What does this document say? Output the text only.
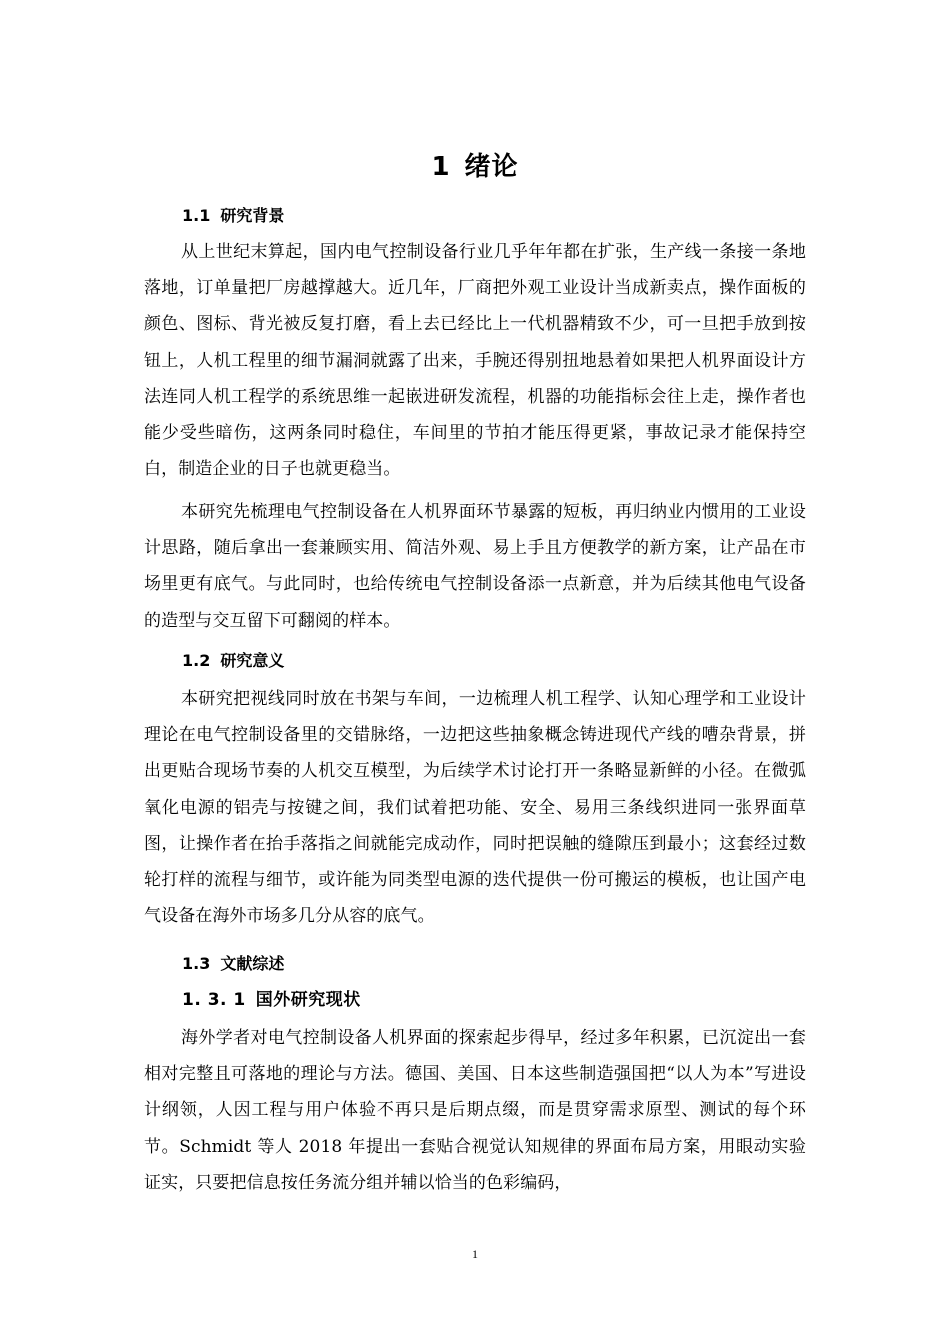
1 绪论
1.1 研究背景

从上世纪末算起，国内电气控制设备行业几乎年年都在扩张，生产线一条接一条地落地，订单量把厂房越撑越大。近几年，厂商把外观工业设计当成新卖点，操作面板的颜色、图标、背光被反复打磨，看上去已经比上一代机器精致不少，可一旦把手放到按钮上，人机工程里的细节漏洞就露了出来，手腕还得别扭地悬着如果把人机界面设计方法连同人机工程学的系统思维一起嵌进研发流程，机器的功能指标会往上走，操作者也能少受些暗伤，这两条同时稳住，车间里的节拍才能压得更紧，事故记录才能保持空白，制造企业的日子也就更稳当。

本研究先梳理电气控制设备在人机界面环节暴露的短板，再归纳业内惯用的工业设计思路，随后拿出一套兼顾实用、简洁外观、易上手且方便教学的新方案，让产品在市场里更有底气。与此同时，也给传统电气控制设备添一点新意，并为后续其他电气设备的造型与交互留下可翻阅的样本。

1.2 研究意义

本研究把视线同时放在书架与车间，一边梳理人机工程学、认知心理学和工业设计理论在电气控制设备里的交错脉络，一边把这些抽象概念铸进现代产线的嘈杂背景，拼出更贴合现场节奏的人机交互模型，为后续学术讨论打开一条略显新鲜的小径。在微弧氧化电源的铝壳与按键之间，我们试着把功能、安全、易用三条线织进同一张界面草图，让操作者在抬手落指之间就能完成动作，同时把误触的缝隙压到最小；这套经过数轮打样的流程与细节，或许能为同类型电源的迭代提供一份可搬运的模板，也让国产电气设备在海外市场多几分从容的底气。

1.3 文献综述
1. 3. 1 国外研究现状

海外学者对电气控制设备人机界面的探索起步得早，经过多年积累，已沉淀出一套相对完整且可落地的理论与方法。德国、美国、日本这些制造强国把“以人为本”写进设计纲领，人因工程与用户体验不再只是后期点缀，而是贯穿需求原型、测试的每个环节。Schmidt 等人 2018 年提出一套贴合视觉认知规律的界面布局方案，用眼动实验证实，只要把信息按任务流分组并辅以恰当的色彩编码，

1
